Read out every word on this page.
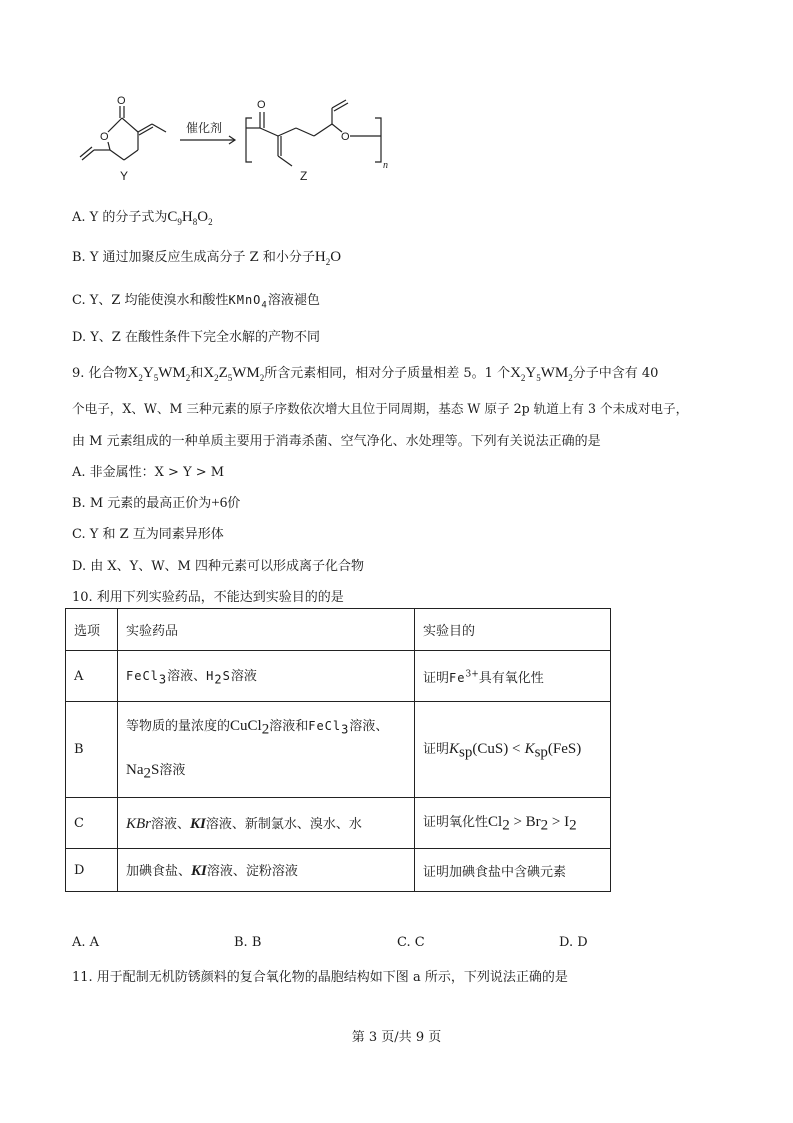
O
O
Y
催化剂
O
O
n
Z
A. Y 的分子式为$C_9H_8O_2$
B. Y 通过加聚反应生成高分子 Z 和小分子$H_2O$
C. Y、Z 均能使溴水和酸性KMnO$_4$溶液褪色
D. Y、Z 在酸性条件下完全水解的产物不同
9. 化合物$X_2Y_5WM_2$和$X_2Z_5WM_2$所含元素相同，相对分子质量相差 5。1 个$X_2Y_5WM_2$分子中含有 40
个电子，X、W、M 三种元素的原子序数依次增大且位于同周期，基态 W 原子 2p 轨道上有 3 个未成对电子，
由 M 元素组成的一种单质主要用于消毒杀菌、空气净化、水处理等。下列有关说法正确的是
A. 非金属性：X > Y > M
B. M 元素的最高正价为+6价
C. Y 和 Z 互为同素异形体
D. 由 X、Y、W、M 四种元素可以形成离子化合物
10. 利用下列实验药品，不能达到实验目的的是
选项	实验药品	实验目的
A	FeCl$_3$溶液、$H_2S$溶液	证明$Fe^{3+}$具有氧化性
B	等物质的量浓度的CuCl$_2$溶液和FeCl$_3$溶液、
$Na_2S$溶液	证明$K_{sp}(CuS) < K_{sp}(FeS)$
C	KBr溶液、KI溶液、新制氯水、溴水、水	证明氧化性$Cl_2 > Br_2 > I_2$
D	加碘食盐、KI溶液、淀粉溶液	证明加碘食盐中含碘元素
A. A	B. B	C. C	D. D
11. 用于配制无机防锈颜料的复合氧化物的晶胞结构如下图 a 所示，下列说法正确的是
第 3 页/共 9 页
